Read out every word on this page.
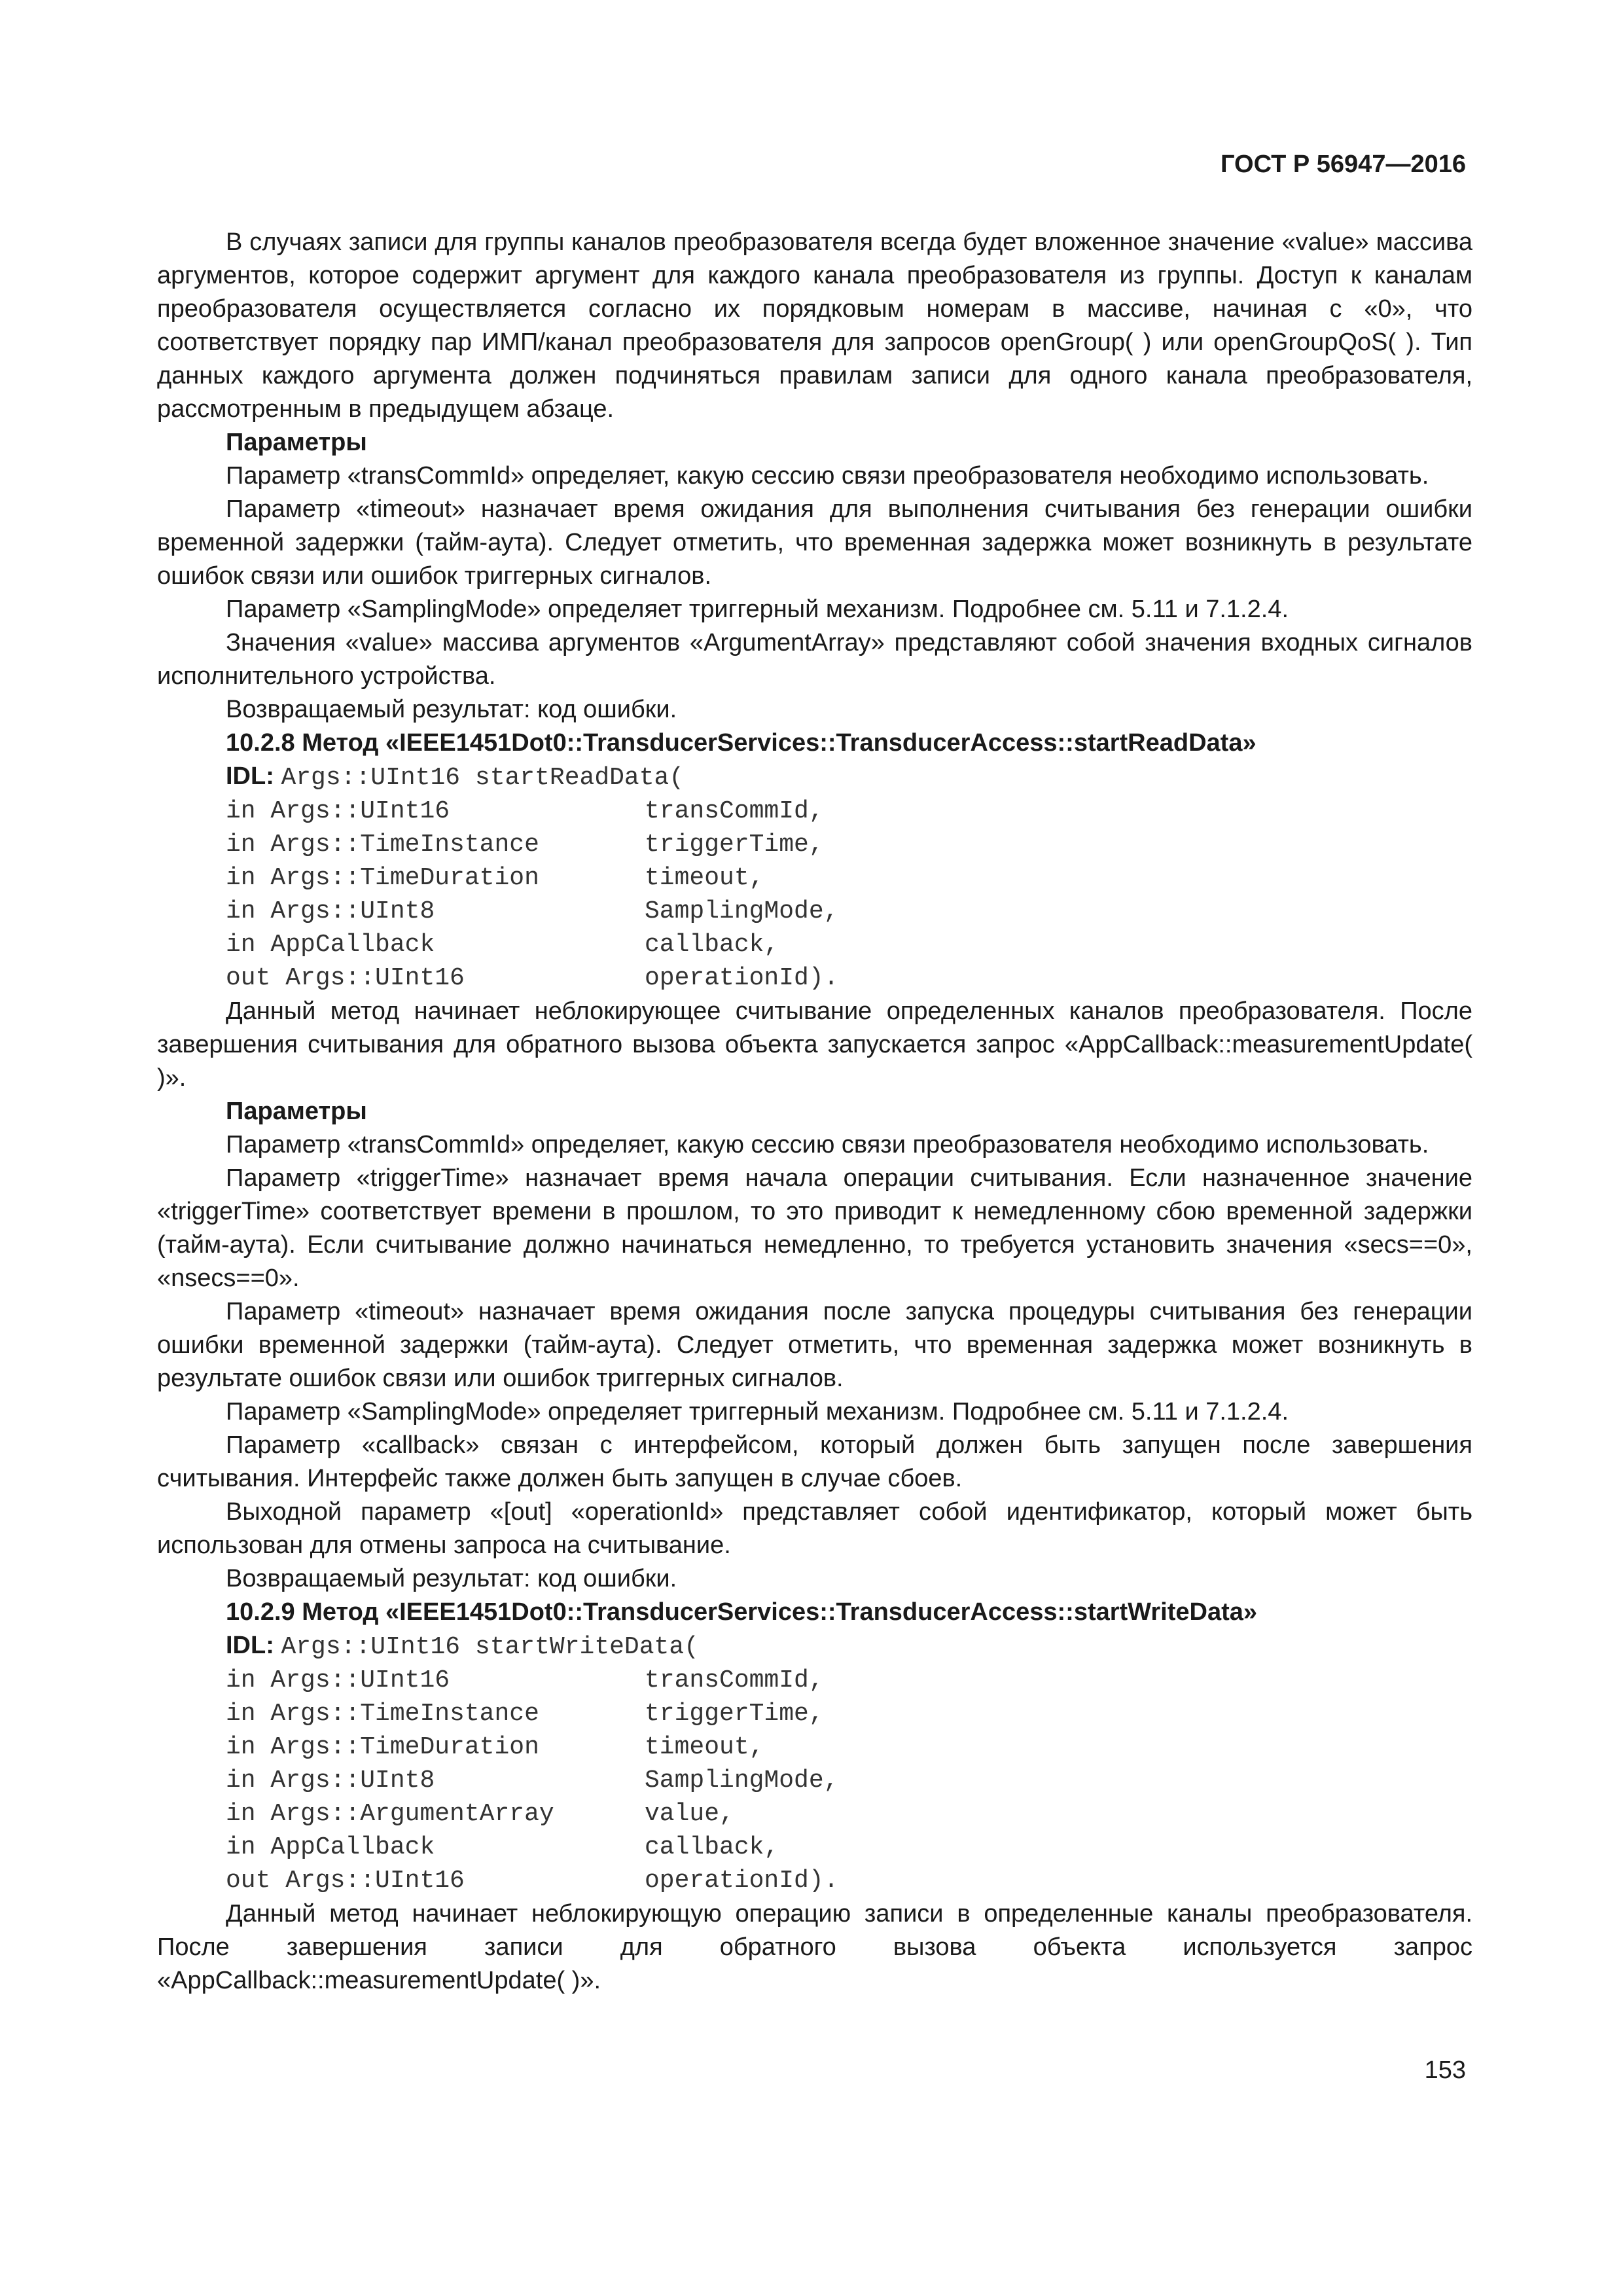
ГОСТ Р 56947—2016

В случаях записи для группы каналов преобразователя всегда будет вложенное значение «value» массива аргументов, которое содержит аргумент для каждого канала преобразователя из группы. Доступ к каналам преобразователя осуществляется согласно их порядковым номерам в массиве, начиная с «0», что соответствует порядку пар ИМП/канал преобразователя для запросов openGroup( ) или openGroupQoS( ). Тип данных каждого аргумента должен подчиняться правилам записи для одного канала преобразователя, рассмотренным в предыдущем абзаце.

Параметры

Параметр «transCommId» определяет, какую сессию связи преобразователя необходимо использовать.

Параметр «timeout» назначает время ожидания для выполнения считывания без генерации ошибки временной задержки (тайм-аута). Следует отметить, что временная задержка может возникнуть в результате ошибок связи или ошибок триггерных сигналов.

Параметр «SamplingMode» определяет триггерный механизм. Подробнее см. 5.11 и 7.1.2.4.

Значения «value» массива аргументов «ArgumentArray» представляют собой значения входных сигналов исполнительного устройства.

Возвращаемый результат: код ошибки.

10.2.8 Метод «IEEE1451Dot0::TransducerServices::TransducerAccess::startReadData»

IDL: Args::UInt16 startReadData(

in Args::UInt16	transCommId,

in Args::TimeInstance	triggerTime,

in Args::TimeDuration	timeout,

in Args::UInt8	SamplingMode,

in AppCallback	callback,

out Args::UInt16	operationId).

Данный метод начинает неблокирующее считывание определенных каналов преобразователя. После завершения считывания для обратного вызова объекта запускается запрос «AppCallback::measurementUpdate( )».

Параметры

Параметр «transCommId» определяет, какую сессию связи преобразователя необходимо использовать.

Параметр «triggerTime» назначает время начала операции считывания. Если назначенное значение «triggerTime» соответствует времени в прошлом, то это приводит к немедленному сбою временной задержки (тайм-аута). Если считывание должно начинаться немедленно, то требуется установить значения «secs==0», «nsecs==0».

Параметр «timeout» назначает время ожидания после запуска процедуры считывания без генерации ошибки временной задержки (тайм-аута). Следует отметить, что временная задержка может возникнуть в результате ошибок связи или ошибок триггерных сигналов.

Параметр «SamplingMode» определяет триггерный механизм. Подробнее см. 5.11 и 7.1.2.4.

Параметр «callback» связан с интерфейсом, который должен быть запущен после завершения считывания. Интерфейс также должен быть запущен в случае сбоев.

Выходной параметр «[out] «operationId» представляет собой идентификатор, который может быть использован для отмены запроса на считывание.

Возвращаемый результат: код ошибки.

10.2.9 Метод «IEEE1451Dot0::TransducerServices::TransducerAccess::startWriteData»

IDL: Args::UInt16 startWriteData(

in Args::UInt16	transCommId,

in Args::TimeInstance	triggerTime,

in Args::TimeDuration	timeout,

in Args::UInt8	SamplingMode,

in Args::ArgumentArray	value,

in AppCallback	callback,

out Args::UInt16	operationId).

Данный метод начинает неблокирующую операцию записи в определенные каналы преобразователя. После завершения записи для обратного вызова объекта используется запрос «AppCallback::measurementUpdate( )».

153
